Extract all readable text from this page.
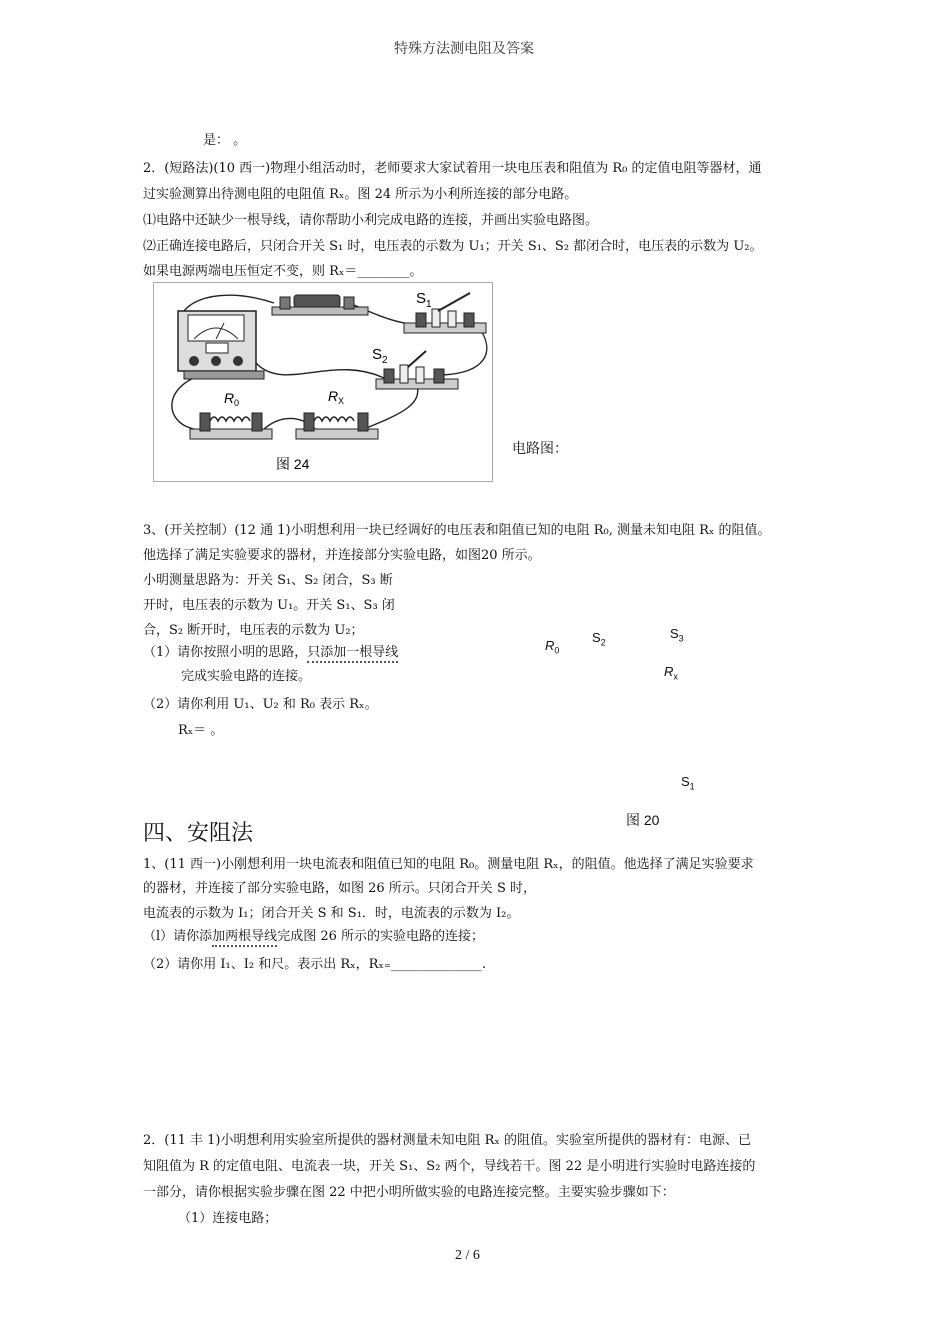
特殊方法测电阻及答案
是： 。
2．(短路法)(10 西一)物理小组活动时，老师要求大家试着用一块电压表和阻值为 R₀ 的定值电阻等器材，通
过实验测算出待测电阻的电阻值 Rₓ。图 24 所示为小利所连接的部分电路。
⑴电路中还缺少一根导线，请你帮助小利完成电路的连接，并画出实验电路图。
⑵正确连接电路后，只闭合开关 S₁ 时，电压表的示数为 U₁；开关 S₁、S₂ 都闭合时，电压表的示数为 U₂。
如果电源两端电压恒定不变，则 Rₓ＝________。
S 1
S 2
R 0	R X
图 24
电路图：
3、(开关控制）(12 通 1)小明想利用一块已经调好的电压表和阻值已知的电阻 R₀, 测量未知电阻 Rₓ 的阻值。
他选择了满足实验要求的器材，并连接部分实验电路，如图20 所示。
小明测量思路为：开关 S₁、S₂ 闭合，S₃ 断
开时，电压表的示数为 U₁。开关 S₁、S₃ 闭
合，S₂ 断开时，电压表的示数为 U₂；
（1）请你按照小明的思路，只添加一根导线
完成实验电路的连接。
（2）请你利用 U₁、U₂ 和 R₀ 表示 Rₓ。
Rₓ＝ 。
$R_0$
$S_2$
$S_3$
$R_x$
$S_1$
图 20
四、安阻法
1、(11 西一)小刚想利用一块电流表和阻值已知的电阻 R₀。测量电阻 Rₓ，的阻值。他选择了满足实验要求
的器材，并连接了部分实验电路，如图 26 所示。只闭合开关 S 时，
电流表的示数为 I₁；闭合开关 S 和 S₁．时，电流表的示数为 I₂。
（l）请你添加两根导线完成图 26 所示的实验电路的连接；
（2）请你用 I₁、I₂ 和尺。表示出 Rₓ，Rₓ₌______________.
2．(11 丰 1)小明想利用实验室所提供的器材测量未知电阻 Rₓ 的阻值。实验室所提供的器材有：电源、已
知阻值为 R 的定值电阻、电流表一块，开关 S₁、S₂ 两个，导线若干。图 22 是小明进行实验时电路连接的
一部分，请你根据实验步骤在图 22 中把小明所做实验的电路连接完整。主要实验步骤如下：
（1）连接电路；
2 / 6
